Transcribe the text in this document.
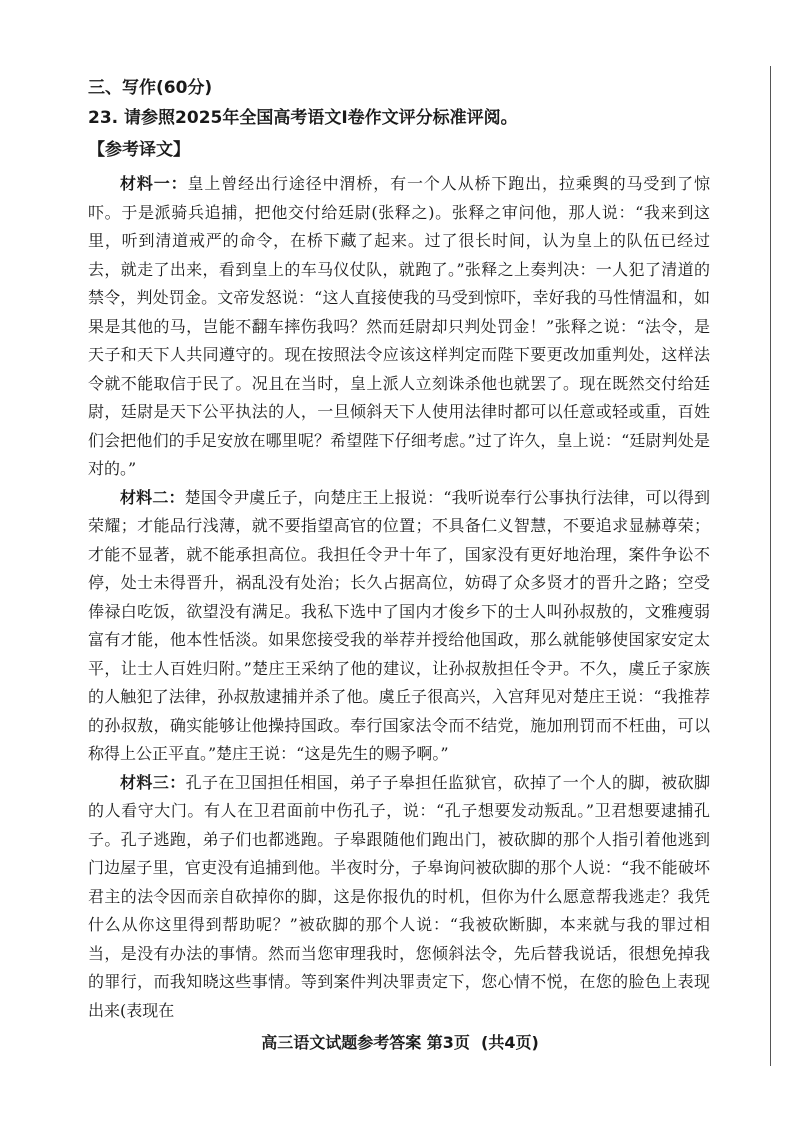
三、写作(60分)
23. 请参照2025年全国高考语文Ⅰ卷作文评分标准评阅。
【参考译文】

材料一：皇上曾经出行途径中渭桥，有一个人从桥下跑出，拉乘舆的马受到了惊吓。于是派骑兵追捕，把他交付给廷尉(张释之)。张释之审问他，那人说：“我来到这里，听到清道戒严的命令，在桥下藏了起来。过了很长时间，认为皇上的队伍已经过去，就走了出来，看到皇上的车马仪仗队，就跑了。”张释之上奏判决：一人犯了清道的禁令，判处罚金。文帝发怒说：“这人直接使我的马受到惊吓，幸好我的马性情温和，如果是其他的马，岂能不翻车摔伤我吗？然而廷尉却只判处罚金！”张释之说：“法令，是天子和天下人共同遵守的。现在按照法令应该这样判定而陛下要更改加重判处，这样法令就不能取信于民了。况且在当时，皇上派人立刻诛杀他也就罢了。现在既然交付给廷尉，廷尉是天下公平执法的人，一旦倾斜天下人使用法律时都可以任意或轻或重，百姓们会把他们的手足安放在哪里呢？希望陛下仔细考虑。”过了许久，皇上说：“廷尉判处是对的。”

材料二：楚国令尹虞丘子，向楚庄王上报说：“我听说奉行公事执行法律，可以得到荣耀；才能品行浅薄，就不要指望高官的位置；不具备仁义智慧，不要追求显赫尊荣；才能不显著，就不能承担高位。我担任令尹十年了，国家没有更好地治理，案件争讼不停，处士未得晋升，祸乱没有处治；长久占据高位，妨碍了众多贤才的晋升之路；空受俸禄白吃饭，欲望没有满足。我私下选中了国内才俊乡下的士人叫孙叔敖的，文雅瘦弱富有才能，他本性恬淡。如果您接受我的举荐并授给他国政，那么就能够使国家安定太平，让士人百姓归附。”楚庄王采纳了他的建议，让孙叔敖担任令尹。不久，虞丘子家族的人触犯了法律，孙叔敖逮捕并杀了他。虞丘子很高兴，入宫拜见对楚庄王说：“我推荐的孙叔敖，确实能够让他操持国政。奉行国家法令而不结党，施加刑罚而不枉曲，可以称得上公正平直。”楚庄王说：“这是先生的赐予啊。”

材料三：孔子在卫国担任相国，弟子子皋担任监狱官，砍掉了一个人的脚，被砍脚的人看守大门。有人在卫君面前中伤孔子，说：“孔子想要发动叛乱。”卫君想要逮捕孔子。孔子逃跑，弟子们也都逃跑。子皋跟随他们跑出门，被砍脚的那个人指引着他逃到门边屋子里，官吏没有追捕到他。半夜时分，子皋询问被砍脚的那个人说：“我不能破坏君主的法令因而亲自砍掉你的脚，这是你报仇的时机，但你为什么愿意帮我逃走？我凭什么从你这里得到帮助呢？”被砍脚的那个人说：“我被砍断脚，本来就与我的罪过相当，是没有办法的事情。然而当您审理我时，您倾斜法令，先后替我说话，很想免掉我的罪行，而我知晓这些事情。等到案件判决罪责定下，您心情不悦，在您的脸色上表现出来(表现在

高三语文试题参考答案 第3页  (共4页)
